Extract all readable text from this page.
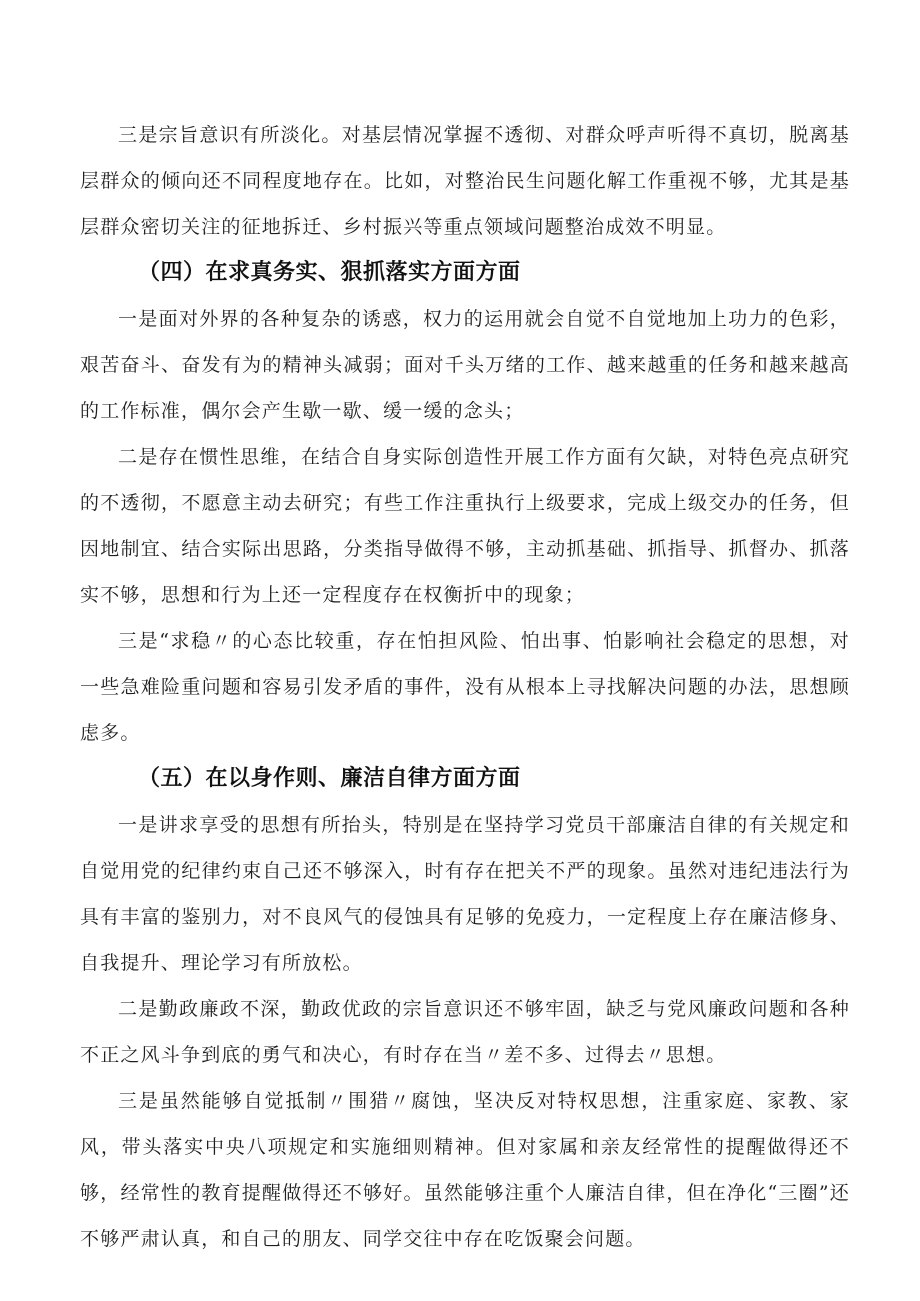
三是宗旨意识有所淡化。对基层情况掌握不透彻、对群众呼声听得不真切，脱离基层群众的倾向还不同程度地存在。比如，对整治民生问题化解工作重视不够，尤其是基层群众密切关注的征地拆迁、乡村振兴等重点领域问题整治成效不明显。

（四）在求真务实、狠抓落实方面方面

一是面对外界的各种复杂的诱惑，权力的运用就会自觉不自觉地加上功力的色彩，艰苦奋斗、奋发有为的精神头减弱；面对千头万绪的工作、越来越重的任务和越来越高的工作标准，偶尔会产生歇一歇、缓一缓的念头；

二是存在惯性思维，在结合自身实际创造性开展工作方面有欠缺，对特色亮点研究的不透彻，不愿意主动去研究；有些工作注重执行上级要求，完成上级交办的任务，但因地制宜、结合实际出思路，分类指导做得不够，主动抓基础、抓指导、抓督办、抓落实不够，思想和行为上还一定程度存在权衡折中的现象；

三是“求稳〃的心态比较重，存在怕担风险、怕出事、怕影响社会稳定的思想，对一些急难险重问题和容易引发矛盾的事件，没有从根本上寻找解决问题的办法，思想顾虑多。

（五）在以身作则、廉洁自律方面方面

一是讲求享受的思想有所抬头，特别是在坚持学习党员干部廉洁自律的有关规定和自觉用党的纪律约束自己还不够深入，时有存在把关不严的现象。虽然对违纪违法行为具有丰富的鉴别力，对不良风气的侵蚀具有足够的免疫力，一定程度上存在廉洁修身、自我提升、理论学习有所放松。

二是勤政廉政不深，勤政优政的宗旨意识还不够牢固，缺乏与党风廉政问题和各种不正之风斗争到底的勇气和决心，有时存在当〃差不多、过得去〃思想。

三是虽然能够自觉抵制〃围猎〃腐蚀，坚决反对特权思想，注重家庭、家教、家风，带头落实中央八项规定和实施细则精神。但对家属和亲友经常性的提醒做得还不够，经常性的教育提醒做得还不够好。虽然能够注重个人廉洁自律，但在净化“三圈”还不够严肃认真，和自己的朋友、同学交往中存在吃饭聚会问题。
